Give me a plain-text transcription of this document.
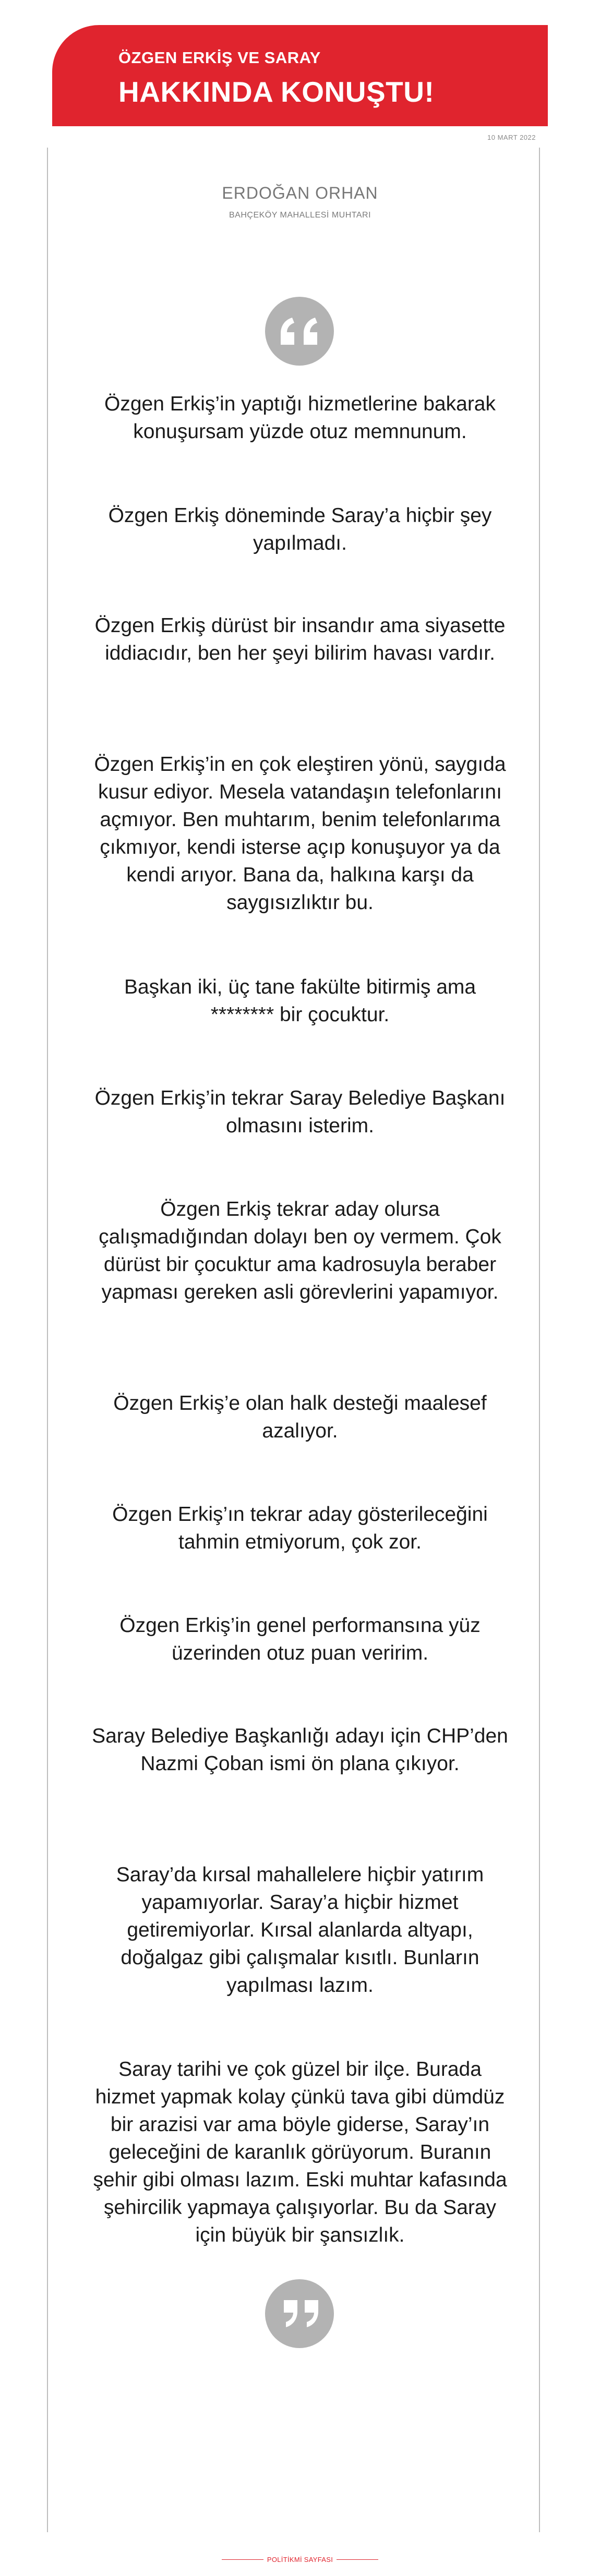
ÖZGEN ERKİŞ VE SARAY
HAKKINDA KONUŞTU!
10 MART 2022
ERDOĞAN ORHAN
BAHÇEKÖY MAHALLESİ MUHTARI
Özgen Erkiş’in yaptığı hizmetlerine bakarak konuşursam yüzde otuz memnunum.
Özgen Erkiş döneminde Saray’a hiçbir şey yapılmadı.
Özgen Erkiş dürüst bir insandır ama siyasette iddiacıdır, ben her şeyi bilirim havası vardır.
Özgen Erkiş’in en çok eleştiren yönü, saygıda kusur ediyor. Mesela vatandaşın telefonlarını açmıyor. Ben muhtarım, benim telefonlarıma çıkmıyor, kendi isterse açıp konuşuyor ya da kendi arıyor. Bana da, halkına karşı da saygısızlıktır bu.
Başkan iki, üç tane fakülte bitirmiş ama ******** bir çocuktur.
Özgen Erkiş’in tekrar Saray Belediye Başkanı olmasını isterim.
Özgen Erkiş tekrar aday olursa çalışmadığından dolayı ben oy vermem. Çok dürüst bir çocuktur ama kadrosuyla beraber yapması gereken asli görevlerini yapamıyor.
Özgen Erkiş’e olan halk desteği maalesef azalıyor.
Özgen Erkiş’ın tekrar aday gösterileceğini tahmin etmiyorum, çok zor.
Özgen Erkiş’in genel performansına yüz üzerinden otuz puan veririm.
Saray Belediye Başkanlığı adayı için CHP’den Nazmi Çoban ismi ön plana çıkıyor.
Saray’da kırsal mahallelere hiçbir yatırım yapamıyorlar. Saray’a hiçbir hizmet getiremiyorlar. Kırsal alanlarda altyapı, doğalgaz gibi çalışmalar kısıtlı. Bunların yapılması lazım.
Saray tarihi ve çok güzel bir ilçe. Burada hizmet yapmak kolay çünkü tava gibi dümdüz bir arazisi var ama böyle giderse, Saray’ın geleceğini de karanlık görüyorum. Buranın şehir gibi olması lazım. Eski muhtar kafasında şehircilik yapmaya çalışıyorlar. Bu da Saray için büyük bir şansızlık.
POLİTİKMİ SAYFASI
